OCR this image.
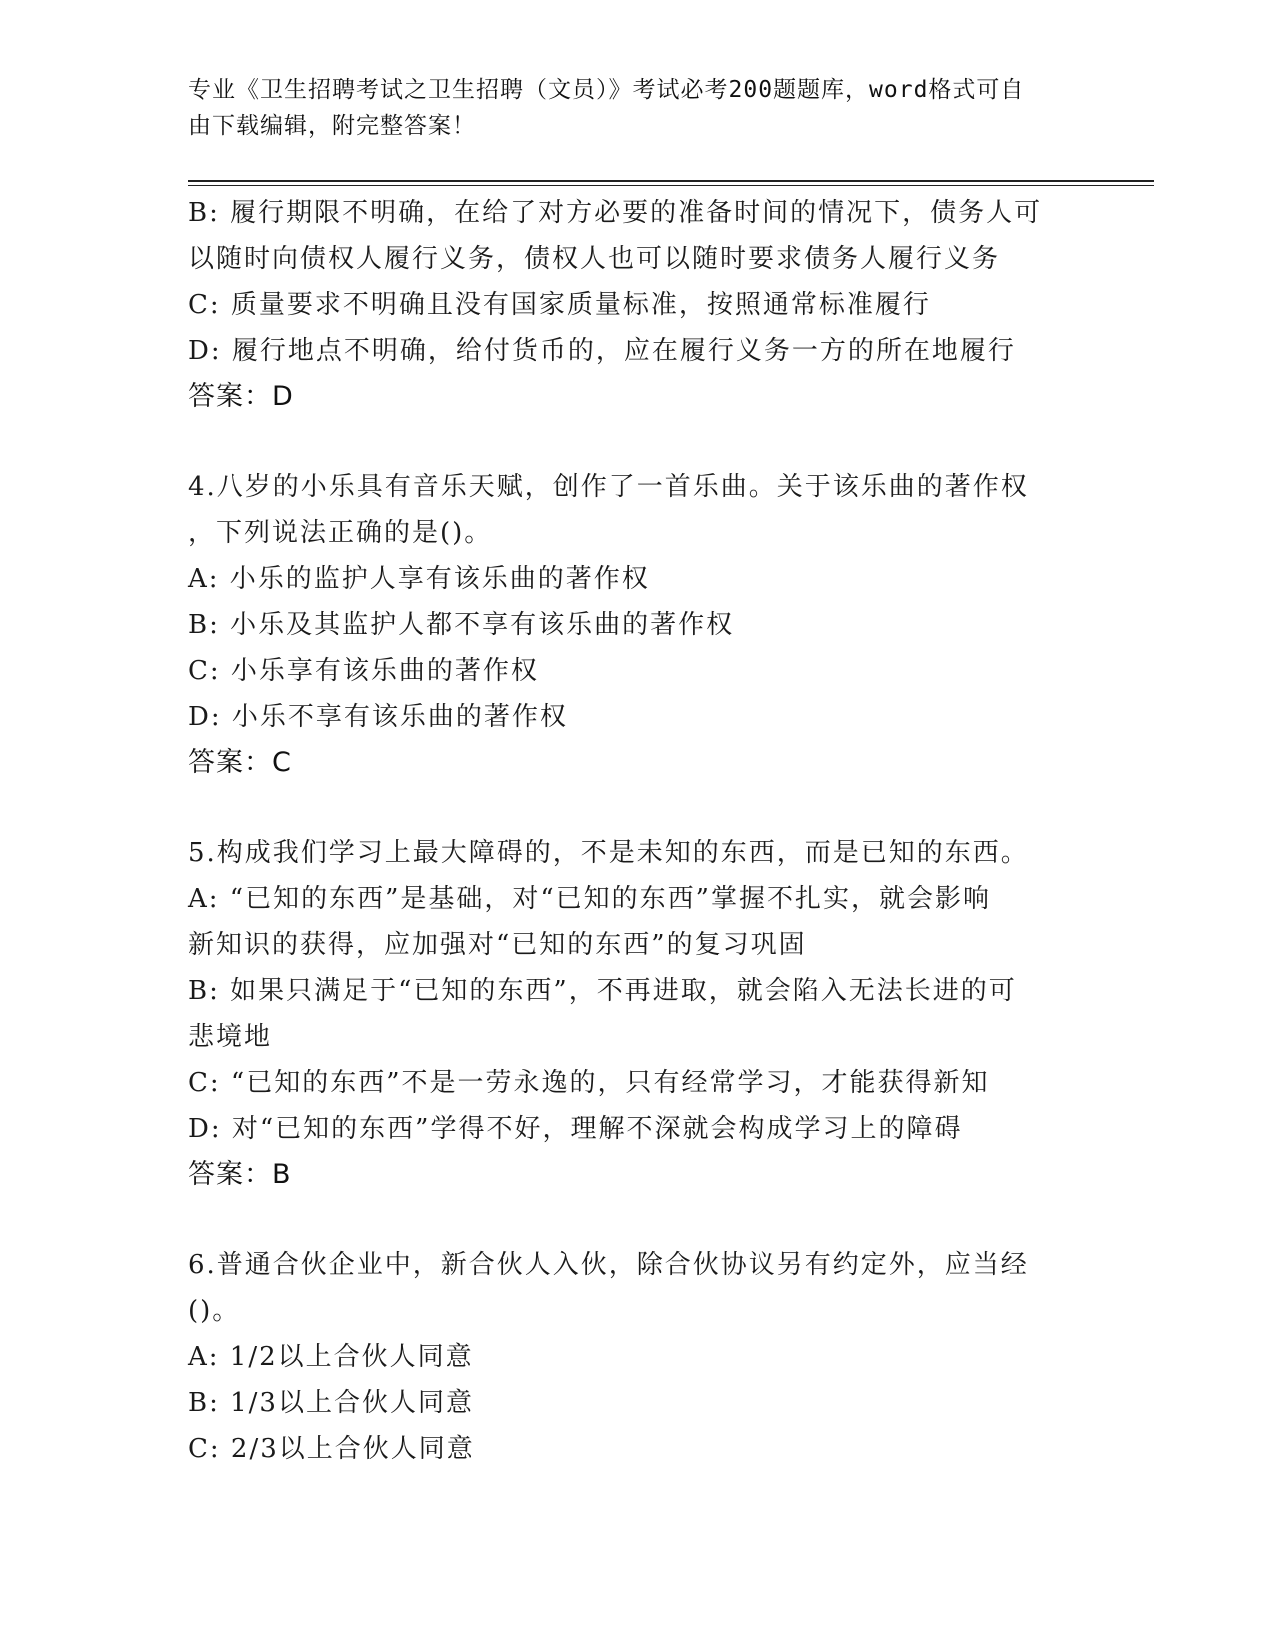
专业《卫生招聘考试之卫生招聘（文员）》考试必考200题题库，word格式可自
由下载编辑，附完整答案！
B: 履行期限不明确，在给了对方必要的准备时间的情况下，债务人可
以随时向债权人履行义务，债权人也可以随时要求债务人履行义务
C: 质量要求不明确且没有国家质量标准，按照通常标准履行
D: 履行地点不明确，给付货币的，应在履行义务一方的所在地履行
答案：D
4.八岁的小乐具有音乐天赋，创作了一首乐曲。关于该乐曲的著作权
，下列说法正确的是()。
A: 小乐的监护人享有该乐曲的著作权
B: 小乐及其监护人都不享有该乐曲的著作权
C: 小乐享有该乐曲的著作权
D: 小乐不享有该乐曲的著作权
答案：C
5.构成我们学习上最大障碍的，不是未知的东西，而是已知的东西。
A: “已知的东西”是基础，对“已知的东西”掌握不扎实，就会影响
新知识的获得，应加强对“已知的东西”的复习巩固
B: 如果只满足于“已知的东西”，不再进取，就会陷入无法长进的可
悲境地
C: “已知的东西”不是一劳永逸的，只有经常学习，才能获得新知
D: 对“已知的东西”学得不好，理解不深就会构成学习上的障碍
答案：B
6.普通合伙企业中，新合伙人入伙，除合伙协议另有约定外，应当经
()。
A: 1/2以上合伙人同意
B: 1/3以上合伙人同意
C: 2/3以上合伙人同意
